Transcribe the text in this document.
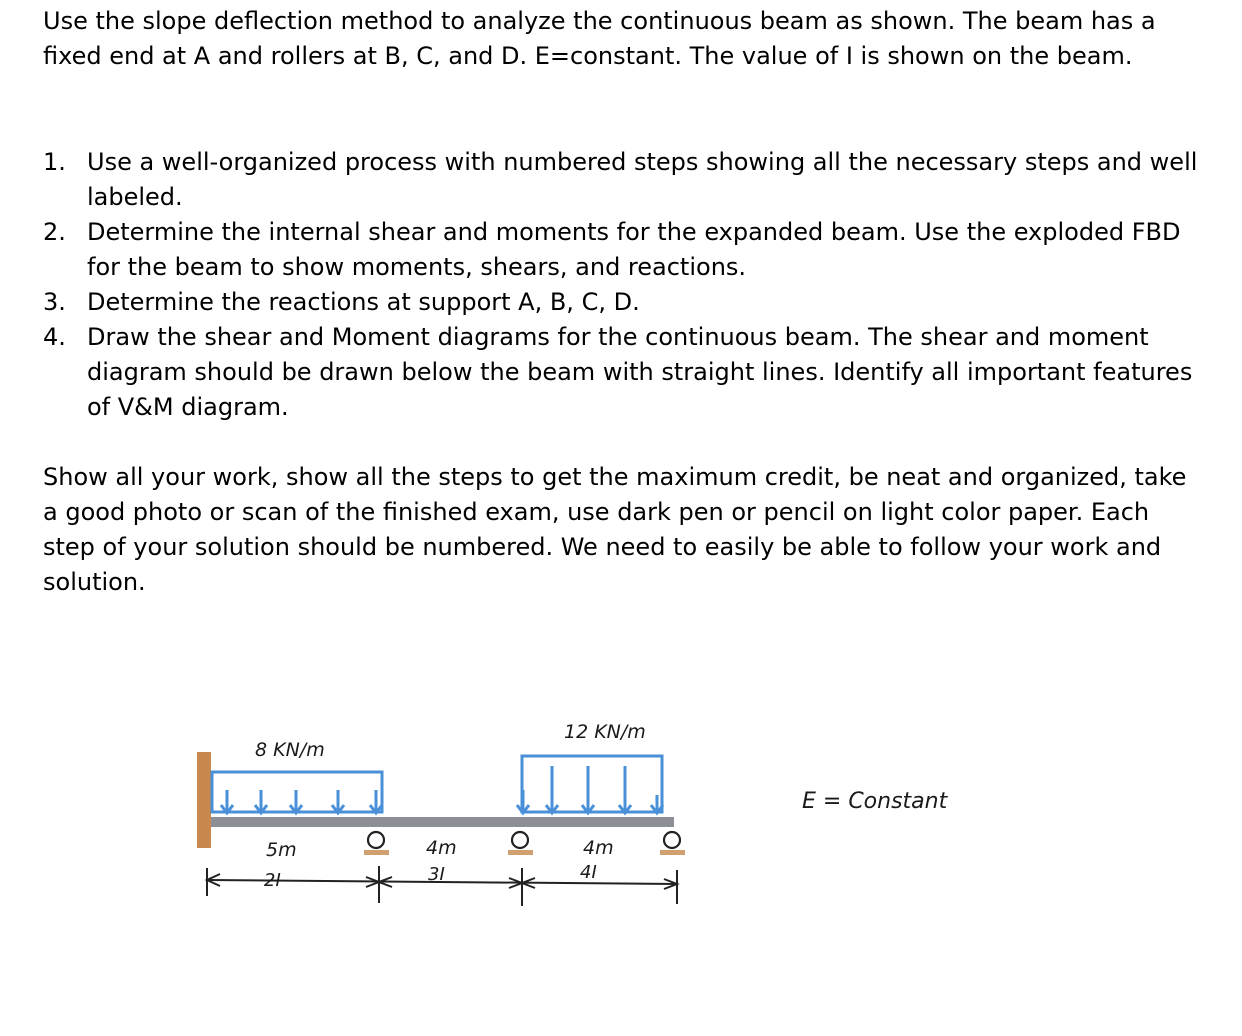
Use the slope deflection method to analyze the continuous beam as shown. The beam has a fixed end at A and rollers at B, C, and D. E=constant. The value of I is shown on the beam.

1. Use a well-organized process with numbered steps showing all the necessary steps and well labeled.
2. Determine the internal shear and moments for the expanded beam. Use the exploded FBD for the beam to show moments, shears, and reactions.
3. Determine the reactions at support A, B, C, D.
4. Draw the shear and Moment diagrams for the continuous beam. The shear and moment diagram should be drawn below the beam with straight lines. Identify all important features of V&M diagram.

Show all your work, show all the steps to get the maximum credit, be neat and organized, take a good photo or scan of the finished exam, use dark pen or pencil on light color paper. Each step of your solution should be numbered. We need to easily be able to follow your work and solution.

8 KN/m
12 KN/m
5m
2I
4m
3I
4m
4I
E = Constant
